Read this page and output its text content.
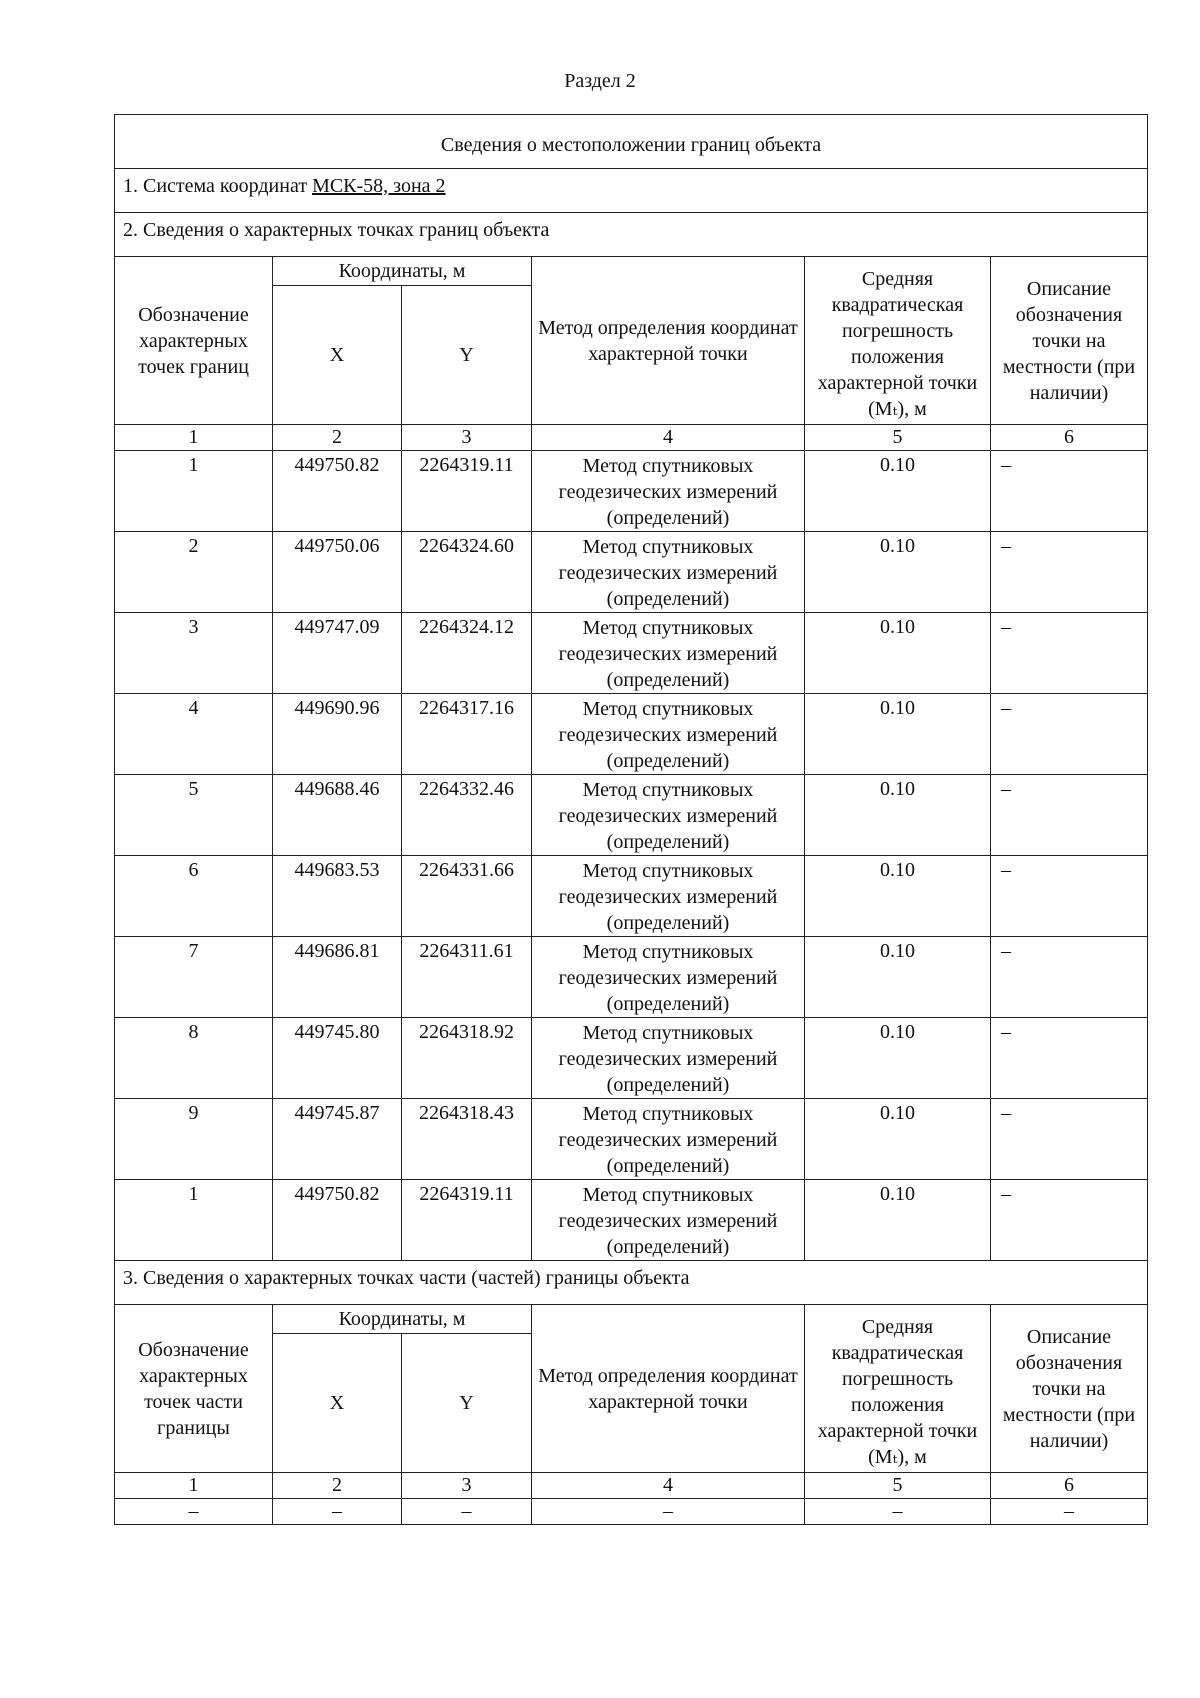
Раздел 2
Сведения о местоположении границ объекта					
1. Система координат МСК-58, зона 2					
2. Сведения о характерных точках границ объекта					
Обозначение характерных точек границ	Координаты, м		Метод определения координат характерной точки	Средняя квадратическая погрешность положения характерной точки (Mₜ), м	Описание обозначения точки на местности (при наличии)
	X	Y			
1	2	3	4	5	6
1	449750.82	2264319.11	Метод спутниковых геодезических измерений (определений)	0.10	–
2	449750.06	2264324.60	Метод спутниковых геодезических измерений (определений)	0.10	–
3	449747.09	2264324.12	Метод спутниковых геодезических измерений (определений)	0.10	–
4	449690.96	2264317.16	Метод спутниковых геодезических измерений (определений)	0.10	–
5	449688.46	2264332.46	Метод спутниковых геодезических измерений (определений)	0.10	–
6	449683.53	2264331.66	Метод спутниковых геодезических измерений (определений)	0.10	–
7	449686.81	2264311.61	Метод спутниковых геодезических измерений (определений)	0.10	–
8	449745.80	2264318.92	Метод спутниковых геодезических измерений (определений)	0.10	–
9	449745.87	2264318.43	Метод спутниковых геодезических измерений (определений)	0.10	–
1	449750.82	2264319.11	Метод спутниковых геодезических измерений (определений)	0.10	–
3. Сведения о характерных точках части (частей) границы объекта					
Обозначение характерных точек части границы	Координаты, м		Метод определения координат характерной точки	Средняя квадратическая погрешность положения характерной точки (Mₜ), м	Описание обозначения точки на местности (при наличии)
	X	Y			
1	2	3	4	5	6
–	–	–	–	–	–
